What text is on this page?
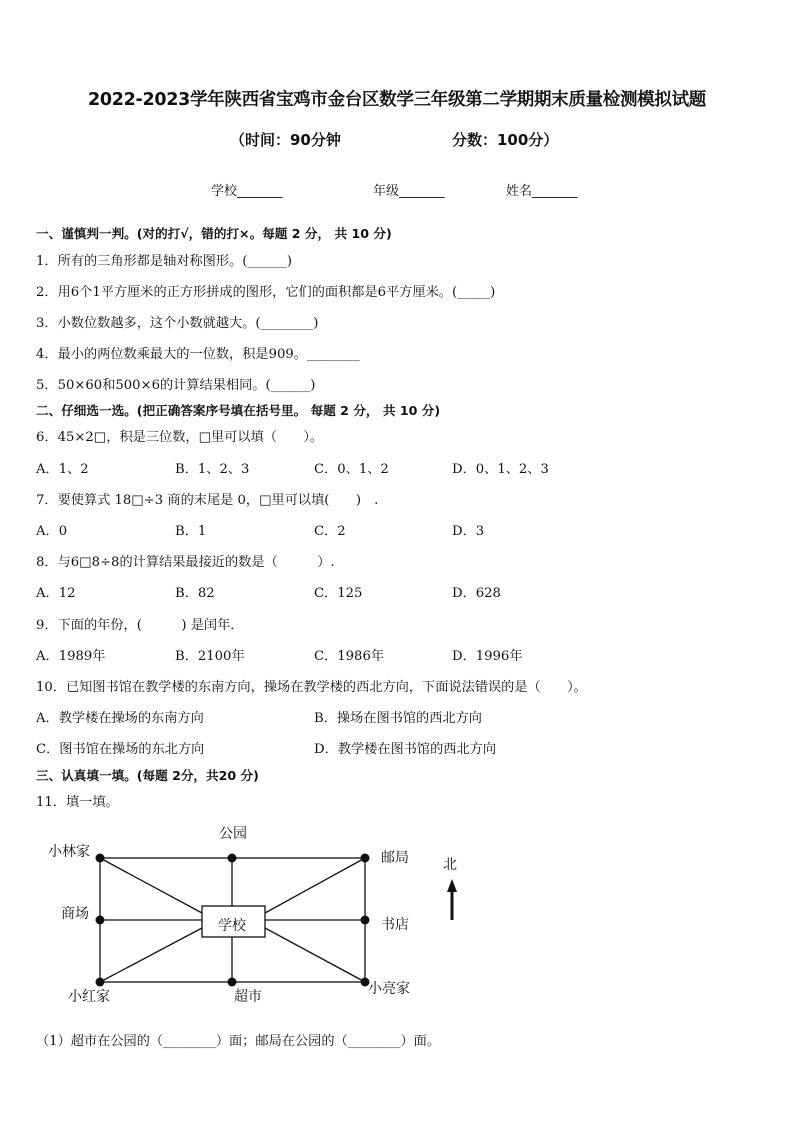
2022-2023学年陕西省宝鸡市金台区数学三年级第二学期期末质量检测模拟试题
（时间：90分钟	分数：100分）
学校_______	年级_______	姓名_______
一、谨慎判一判。(对的打√，错的打×。每题 2 分， 共 10 分)
1．所有的三角形都是轴对称图形。(______)
2．用6个1平方厘米的正方形拼成的图形，它们的面积都是6平方厘米。(_____)
3．小数位数越多，这个小数就越大。(________)
4．最小的两位数乘最大的一位数，积是909。________
5．50×60和500×6的计算结果相同。(______)
二、仔细选一选。(把正确答案序号填在括号里。 每题 2 分， 共 10 分)
6．45×2□，积是三位数，□里可以填（　　）。
A．1、2	B．1、2、3	C．0、1、2	D．0、1、2、3
7．要使算式 18□÷3 商的末尾是 0，□里可以填(　　)　.
A．0	B．1	C．2	D．3
8．与6□8÷8的计算结果最接近的数是（　　　）.
A．12	B．82	C．125	D．628
9．下面的年份，(　　　) 是闰年．
A．1989年	B．2100年	C．1986年	D．1996年
10．已知图书馆在教学楼的东南方向，操场在教学楼的西北方向，下面说法错误的是（　　）。
A．教学楼在操场的东南方向	B．操场在图书馆的西北方向
C．图书馆在操场的东北方向	D．教学楼在图书馆的西北方向
三、认真填一填。(每题 2分，共20 分)
11．填一填。
小林家
公园
邮局
商场
学校	书店
小红家	超市	小亮家
北
（1）超市在公园的（________）面；邮局在公园的（________）面。
